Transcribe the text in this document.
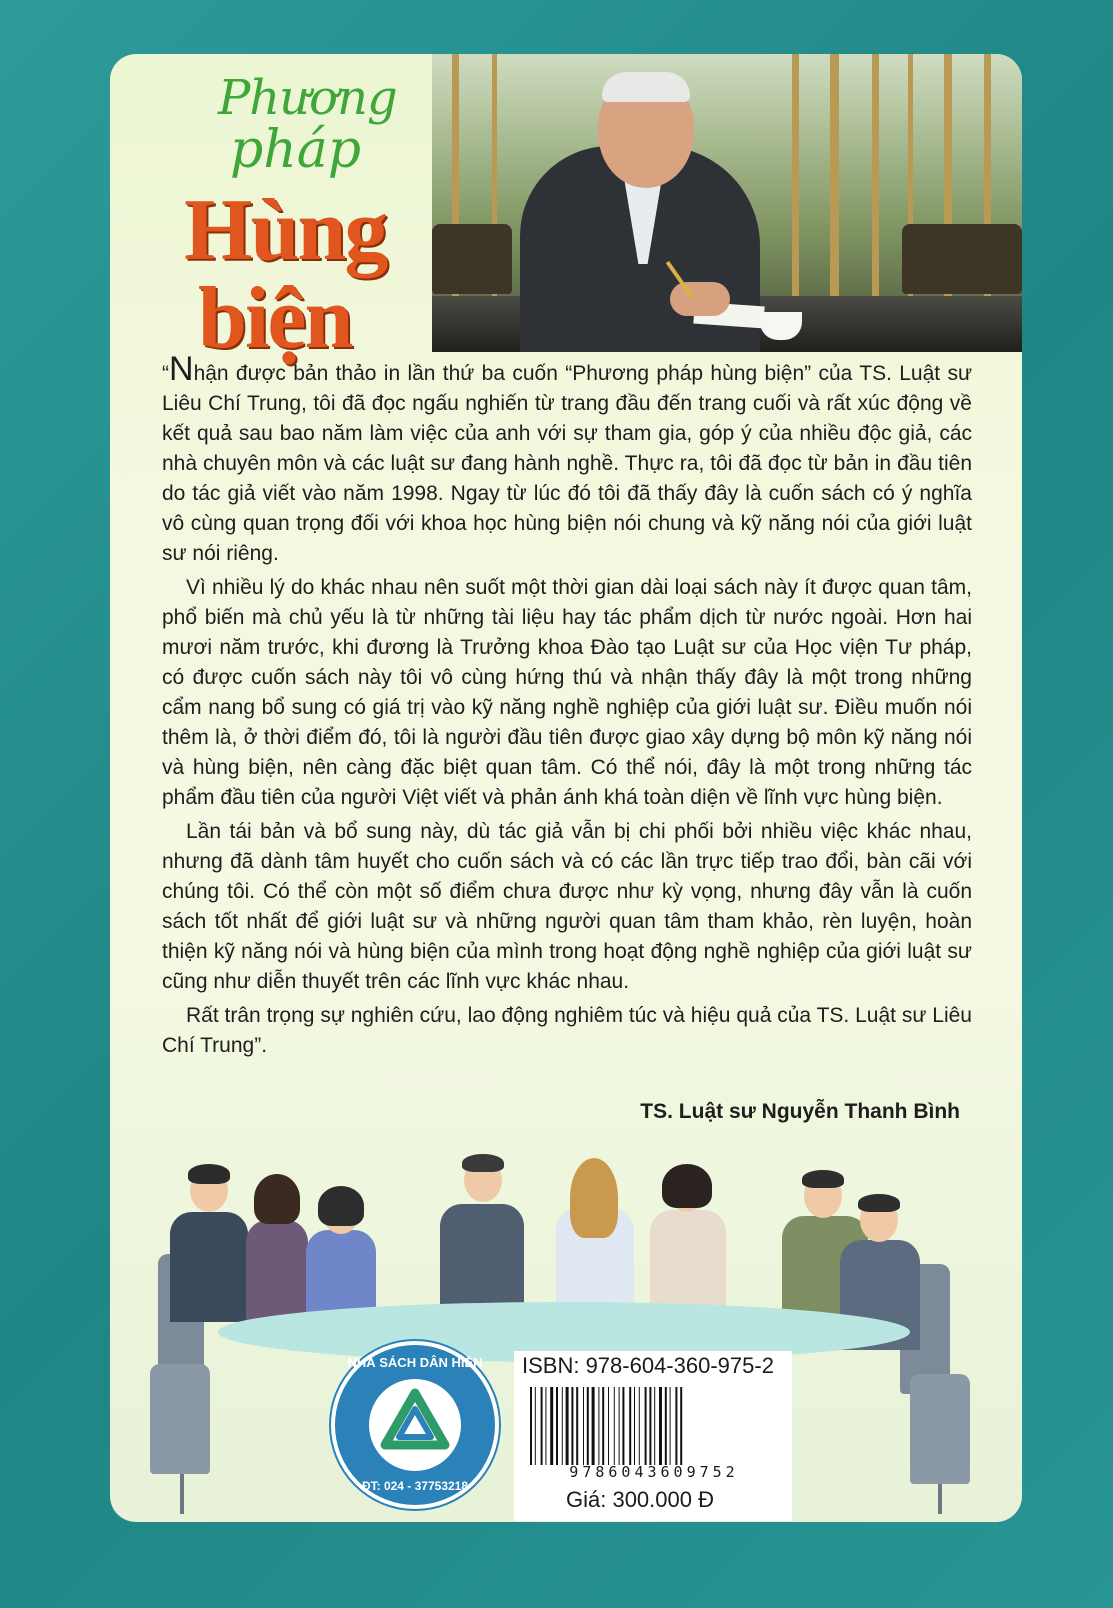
Phương
pháp
Hùng
biện

“Nhận được bản thảo in lần thứ ba cuốn “Phương pháp hùng biện” của TS. Luật sư Liêu Chí Trung, tôi đã đọc ngấu nghiến từ trang đầu đến trang cuối và rất xúc động về kết quả sau bao năm làm việc của anh với sự tham gia, góp ý của nhiều độc giả, các nhà chuyên môn và các luật sư đang hành nghề. Thực ra, tôi đã đọc từ bản in đầu tiên do tác giả viết vào năm 1998. Ngay từ lúc đó tôi đã thấy đây là cuốn sách có ý nghĩa vô cùng quan trọng đối với khoa học hùng biện nói chung và kỹ năng nói của giới luật sư nói riêng.

Vì nhiều lý do khác nhau nên suốt một thời gian dài loại sách này ít được quan tâm, phổ biến mà chủ yếu là từ những tài liệu hay tác phẩm dịch từ nước ngoài. Hơn hai mươi năm trước, khi đương là Trưởng khoa Đào tạo Luật sư của Học viện Tư pháp, có được cuốn sách này tôi vô cùng hứng thú và nhận thấy đây là một trong những cẩm nang bổ sung có giá trị vào kỹ năng nghề nghiệp của giới luật sư. Điều muốn nói thêm là, ở thời điểm đó, tôi là người đầu tiên được giao xây dựng bộ môn kỹ năng nói và hùng biện, nên càng đặc biệt quan tâm. Có thể nói, đây là một trong những tác phẩm đầu tiên của người Việt viết và phản ánh khá toàn diện về lĩnh vực hùng biện.

Lần tái bản và bổ sung này, dù tác giả vẫn bị chi phối bởi nhiều việc khác nhau, nhưng đã dành tâm huyết cho cuốn sách và có các lần trực tiếp trao đổi, bàn cãi với chúng tôi. Có thể còn một số điểm chưa được như kỳ vọng, nhưng đây vẫn là cuốn sách tốt nhất để giới luật sư và những người quan tâm tham khảo, rèn luyện, hoàn thiện kỹ năng nói và hùng biện của mình trong hoạt động nghề nghiệp của giới luật sư cũng như diễn thuyết trên các lĩnh vực khác nhau.

Rất trân trọng sự nghiên cứu, lao động nghiêm túc và hiệu quả của TS. Luật sư Liêu Chí Trung”.

TS. Luật sư Nguyễn Thanh Bình
NHÀ SÁCH DÂN HIỀN
ĐT: 024 - 37753218
ISBN: 978-604-360-975-2
9786043609752
Giá: 300.000 Đ
